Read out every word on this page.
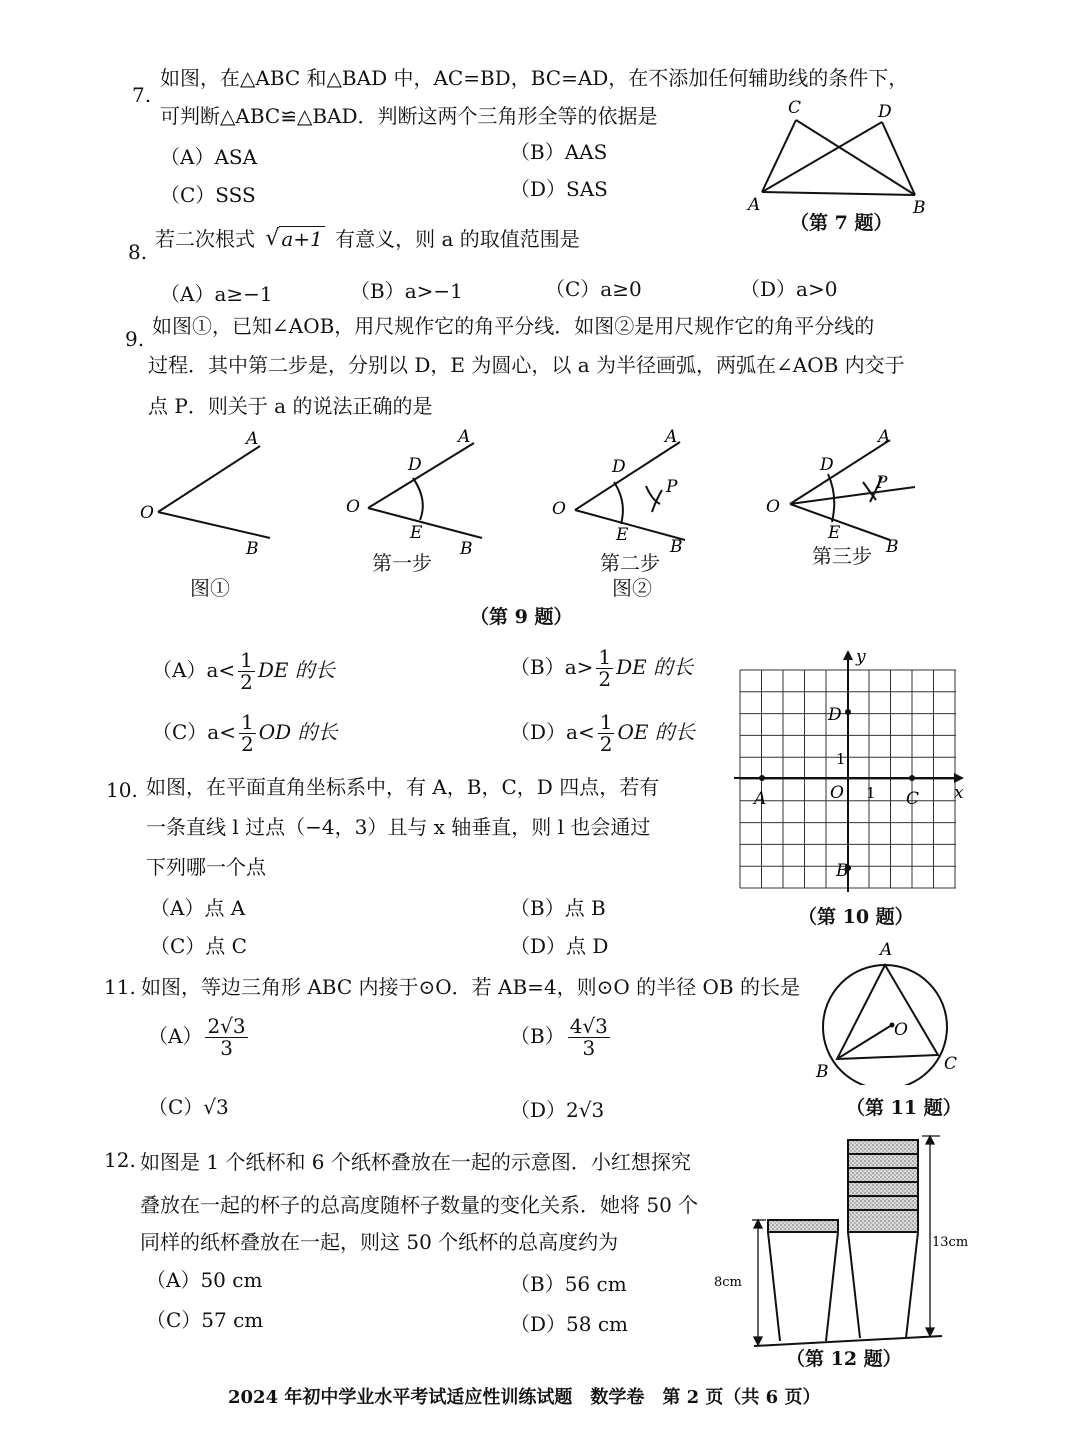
7.
如图，在△ABC 和△BAD 中，AC=BD，BC=AD，在不添加任何辅助线的条件下，
可判断△ABC≌△BAD．判断这两个三角形全等的依据是
（A）ASA	（B）AAS
（C）SSS	（D）SAS
C	D
A	B
（第 7 题）
8.
若二次根式 √ a+1 有意义，则 a 的取值范围是
（A）a≥−1	（B）a>−1	（C）a≥0	（D）a>0
9.
如图①，已知∠AOB，用尺规作它的角平分线．如图②是用尺规作它的角平分线的
过程．其中第二步是，分别以 D，E 为圆心，以 a 为半径画弧，两弧在∠AOB 内交于
点 P．则关于 a 的说法正确的是
A
O
B
A
D
O
E
B
A
D
P
O
E
B
A
D
P
O
E
B
图①
第一步	第二步
图②
第三步
（第 9 题）
$(A)a< \frac{1}{2}$ DE 的长	$(B)a> \frac{1}{2}$ DE 的长
$(C)a< \frac{1}{2}$ OD 的长	$(D)a< \frac{1}{2}$ OE 的长
10. 如图，在平面直角坐标系中，有 A，B，C，D 四点，若有
一条直线 l 过点（−4，3）且与 x 轴垂直，则 l 也会通过
下列哪一个点
（A）点 A	（B）点 B
（C）点 C	（D）点 D
y
x
O 1
1
A	C
D
B
（第 10 题）
11. 如图，等边三角形 ABC 内接于⊙O．若 AB=4，则⊙O 的半径 OB 的长是
$(A) \frac{2√3}{3}$	$(B) \frac{4√3}{3}$
（C）√3	（D）2√3
A
O
B	C
（第 11 题）
12. 如图是 1 个纸杯和 6 个纸杯叠放在一起的示意图．小红想探究
叠放在一起的杯子的总高度随杯子数量的变化关系．她将 50 个
同样的纸杯叠放在一起，则这 50 个纸杯的总高度约为
（A）50 cm	（B）56 cm
（C）57 cm	（D）58 cm
8cm
13cm
（第 12 题）
2024 年初中学业水平考试适应性训练试题　数学卷　第 2 页（共 6 页）
